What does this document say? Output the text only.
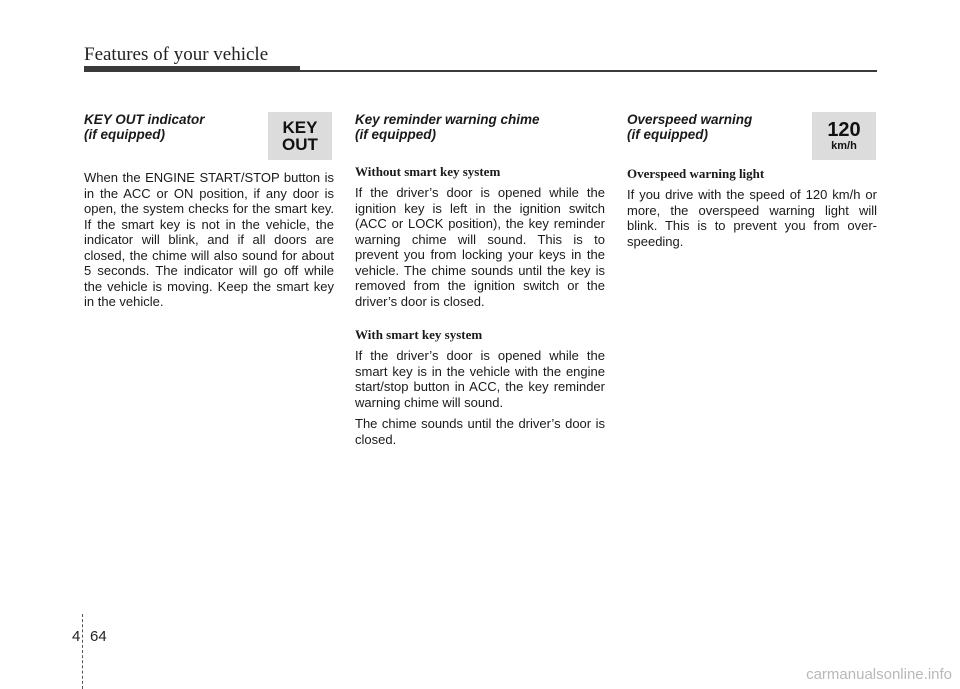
Features of your vehicle
KEY
OUT
KEY OUT indicator
(if equipped)

When the ENGINE START/STOP button is in the ACC or ON position, if any door is open, the system checks for the smart key. If the smart key is not in the vehicle, the indicator will blink, and if all doors are closed, the chime will also sound for about 5 seconds. The indicator will go off while the vehicle is moving. Keep the smart key in the vehicle.

Key reminder warning chime
(if equipped)
Without smart key system

If the driver’s door is opened while the ignition key is left in the ignition switch (ACC or LOCK position), the key reminder warning chime will sound. This is to prevent you from locking your keys in the vehicle. The chime sounds until the key is removed from the ignition switch or the driver’s door is closed.

With smart key system

If the driver’s door is opened while the smart key is in the vehicle with the engine start/stop button in ACC, the key reminder warning chime will sound.

The chime sounds until the driver’s door is closed.

120
km/h
Overspeed warning
(if equipped)
Overspeed warning light

If you drive with the speed of 120 km/h or more, the overspeed warning light will blink. This is to prevent you from over-speeding.

4 64
carmanualsonline.info
